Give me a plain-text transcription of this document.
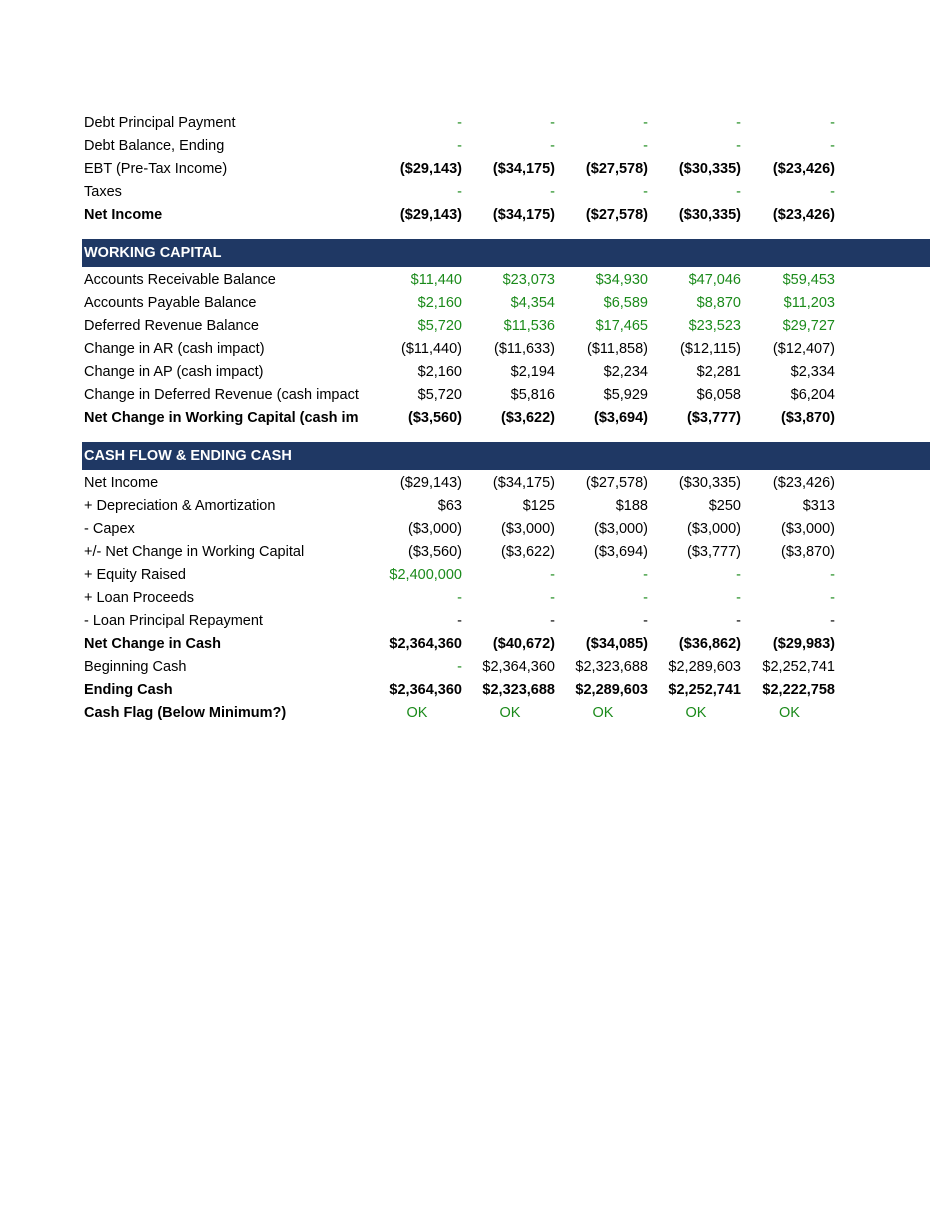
Debt Principal Payment	-	-	-	-	-
Debt Balance, Ending	-	-	-	-	-
EBT (Pre-Tax Income)	($29,143)	($34,175)	($27,578)	($30,335)	($23,426)
Taxes	-	-	-	-	-
Net Income	($29,143)	($34,175)	($27,578)	($30,335)	($23,426)
WORKING CAPITAL
Accounts Receivable Balance	$11,440	$23,073	$34,930	$47,046	$59,453
Accounts Payable Balance	$2,160	$4,354	$6,589	$8,870	$11,203
Deferred Revenue Balance	$5,720	$11,536	$17,465	$23,523	$29,727
Change in AR (cash impact)	($11,440)	($11,633)	($11,858)	($12,115)	($12,407)
Change in AP (cash impact)	$2,160	$2,194	$2,234	$2,281	$2,334
Change in Deferred Revenue (cash impact	$5,720	$5,816	$5,929	$6,058	$6,204
Net Change in Working Capital (cash im	($3,560)	($3,622)	($3,694)	($3,777)	($3,870)
CASH FLOW & ENDING CASH
Net Income	($29,143)	($34,175)	($27,578)	($30,335)	($23,426)
+ Depreciation & Amortization	$63	$125	$188	$250	$313
- Capex	($3,000)	($3,000)	($3,000)	($3,000)	($3,000)
+/- Net Change in Working Capital	($3,560)	($3,622)	($3,694)	($3,777)	($3,870)
+ Equity Raised	$2,400,000	-	-	-	-
+ Loan Proceeds	-	-	-	-	-
- Loan Principal Repayment	-	-	-	-	-
Net Change in Cash	$2,364,360	($40,672)	($34,085)	($36,862)	($29,983)
Beginning Cash	-	$2,364,360	$2,323,688	$2,289,603	$2,252,741
Ending Cash	$2,364,360	$2,323,688	$2,289,603	$2,252,741	$2,222,758
Cash Flag (Below Minimum?)	OK	OK	OK	OK	OK
